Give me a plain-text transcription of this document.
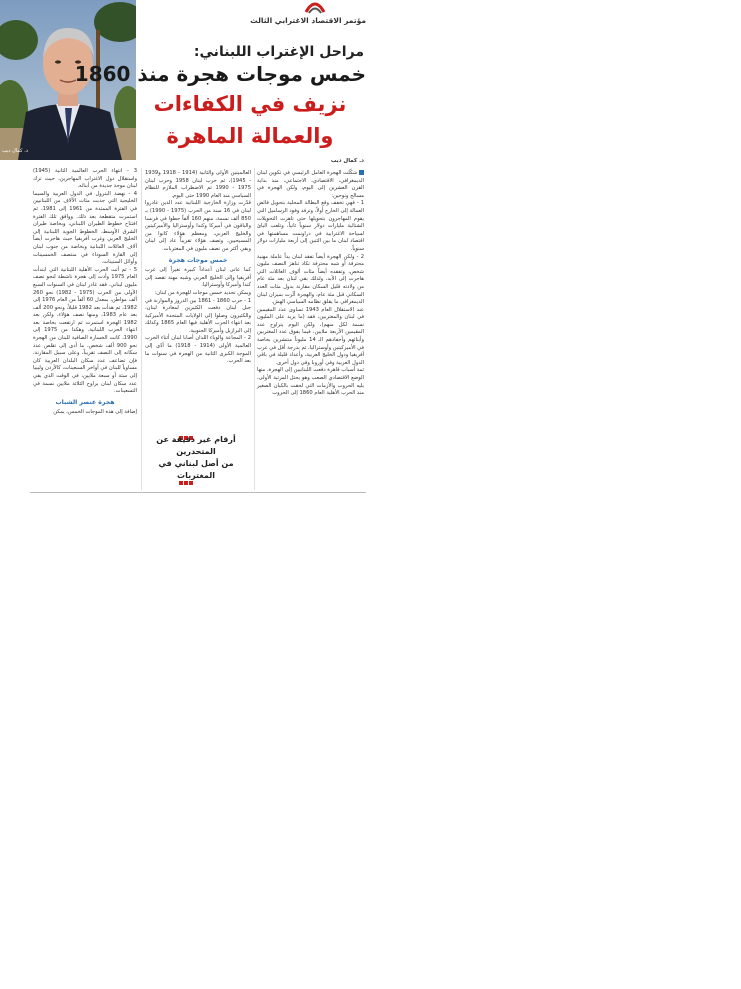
مؤتمر الاقتصاد الاغترابي الثالث
د. كمال ديب
مراحل الإغتراب اللبناني:
خمس موجات هجرة منذ 1860
نزيف في الكفاءات
والعمالة الماهرة
د. كمال ديب

شكّلت الهجرة العامل الرئيسي في تكوين لبنان الديمغرافي، الاقتصادي، الاجتماعي، منذ بداية القرن العشرين إلى اليوم، ولكن الهجرة في مسالح ونوحين:

1 - فهي تخفف وقع البطالة المحلية بتحويل فائض العمالة إلى الخارج أولاً، وترفد وفود الرساميل التي يقوم المهاجرون بتحويلها حتى تاهزت التحويلات الشتائية مليارات دولار سنوياً ثانياً، وتلعب اليائ لسياحة الاغترابية في دراونمت مساهمتها في اقتصاد لبنان ما بين الثنين إلى أربعة مليارات دولار سنوياً.

2 - ولكن الهجرة أيضاً تفقد لبنان يداً عاملة مهنية محترفة أو شبه محترفة تكاد تناهز النصف مليون شخص، وتفقده أيضاً مئات ألوف العائلات التي هاجرت إلى الأبد، ولذلك بقي لبنان بعد مئة عام من ولادته قليل السكان مقارنة بدول مئات العدد السكاني قبل مئة عام، والهجرة أثّرت بميزان لبنان الديمغرافي ما يقلق نظامه السياسي الهش.

عند الاستقلال العام 1943 تساوى عدد المقيمين في لبنان والمغتربين، فقد (ما يزيد على المليون نسمة لكل منهم)، ولكن اليوم يتراوح عدد المقيمين الأربعة ملايين، فيما يفوق عدد المغتربين وأبنائهم وأحفادهم الـ 14 مليوناً منتشرين بخاصة في الأميركيتين وأوستراليا، ثم بدرجة أقل في غرب أفريقيا ودول الخليج العربية، وأعداد قليلة في باقي الدول العربية وفي أوروبا وفي دول أخرى.

ثمة أسباب قاهرة دفعت اللبنانيين إلى الهجرة، منها الوضع الاقتصادي الصعب وهو يحتل المرتبة الأولى، يليه الحروب والأزمات التي لحقت بالكيان الصغير منذ الحرب الأهلية العام 1860 إلى الحروب

العالميتين الأولى والثانية (1914 - 1918 و1939 - 1945)، ثم حرب لبنان 1958 وحرب لبنان 1975 - 1990 ثم الاضطراب الملازم للنظام السياسي منذ العام 1990 حتى اليوم.

قدّرت وزارة الخارجية اللبنانية عدد الذين غادروا لبنان في 16 سنة من الحرب (1975 - 1990) بـ 850 ألف نسمة، منهم 160 ألفاً حطوا في فرنسا والباقون في أميركا وكندا وأوستراليا والأميركيتين والخليج العربي، ومعظم هؤلاء كانوا من المسيحيين. وتصف هؤلاء تقريباً عاد إلى لبنان وبقي أكثر من نصف مليون في المغتربات.

خمس موجات هجرة

كما عانى لبنان أعداداً كبيرة تغيراً إلى غرب أفريقيا وإلى الخليج العربي وشبه مهنة تقصد إلى كندا وأميركا وأوستراليا.

ويمكن تحديد خمس موجات للهجرة من لبنان:

1 - حرب 1860 - 1861 بين الدروز والموارنة في جبل لبنان دفعت الكثيرين لمغادرة لبنان، والكثيرون وصلوا إلى الولايات المتحدة الأميركية بعد انتهاء الحرب الأهلية فيها العام 1865 وكذلك إلى البرازيل وأميركا الجنوبية.

2 - المجاعة والوباء اللذان أصابا لبنان أثناء الحرب العالمية الأولى (1914 - 1918) ما أدّى إلى الموجة الكبرى الثانية من الهجرة في سنوات ما بعد الحرب.

أرقام غير دقيقة عن المتحدرين
من أصل لبناني في المغتربات

3 - انتهاء الحرب العالمية الثانية (1945) واستقلال دول الاغتراب المهاجرين، حيث ترك لبنان موجة جديدة من أبنائه.

4 - نهضة البترول في الدول العربية والسيما الخليجية التي جذبت مئات الآلاف من اللبنانيين في الفترة الممتدة من 1961 إلى 1981، ثم استمرت متقطعة بعد ذلك. وواقق تلك الفترة افتتاح خطوط الطيران اللبناني، وبخاصة طيران الشرق الأوسط، الخطوط الجوية اللبنانية إلى الخليج العربي وغرب أفريقيا حيث هاجرت أيضاً آلاف العائلات اللبنانية وبخاصة من جنوب لبنان إلى القارة السوداء في منتصف الخمسينات وأوائل الستينات.

5 - ثم أتت الحرب الأهلية اللبنانية التي ابتدأت العام 1975 وأدت إلى هجرة ناشطة لنحو نصف مليون لبناني. فقد غادر لبنان في السنوات السبع الأولى من الحرب (1975 - 1982) نحو 260 ألف مواطن، بمعدل 60 ألفاً من العام 1976 إلى 1982، ثم هدأت بعد 1982 قليلاً، ونحو 200 ألف بعد عام 1983، ومنها نصف هؤلاء، ولكن بعد 1982 الهجرة استمرت ثم ارتفعت بخاصة بعد انتهاء الحرب اللبنانية. وهكذا من 1975 إلى 1990، كانت الخسارة الصافية للبنان من الهجرة نحو 900 ألف شخص، ما أدى إلى تقلص عدد سكانه إلى النصف تقريباً، وعلى سبيل المقارنة، فإن تضاعف عدد سكان البلدان العربية كان مساوياً للبنان في أواخر السبعينات، كالأردن وليبيا إلى ستة أو سبعة ملايين، في الوقت الذي بقي عدد سكان لبنان يراوح الثلاثة ملايين نسمة في التسعينات.

هجرة عنصر الشباب

إضافة إلى هذه الموجات الخمس، يمكن
